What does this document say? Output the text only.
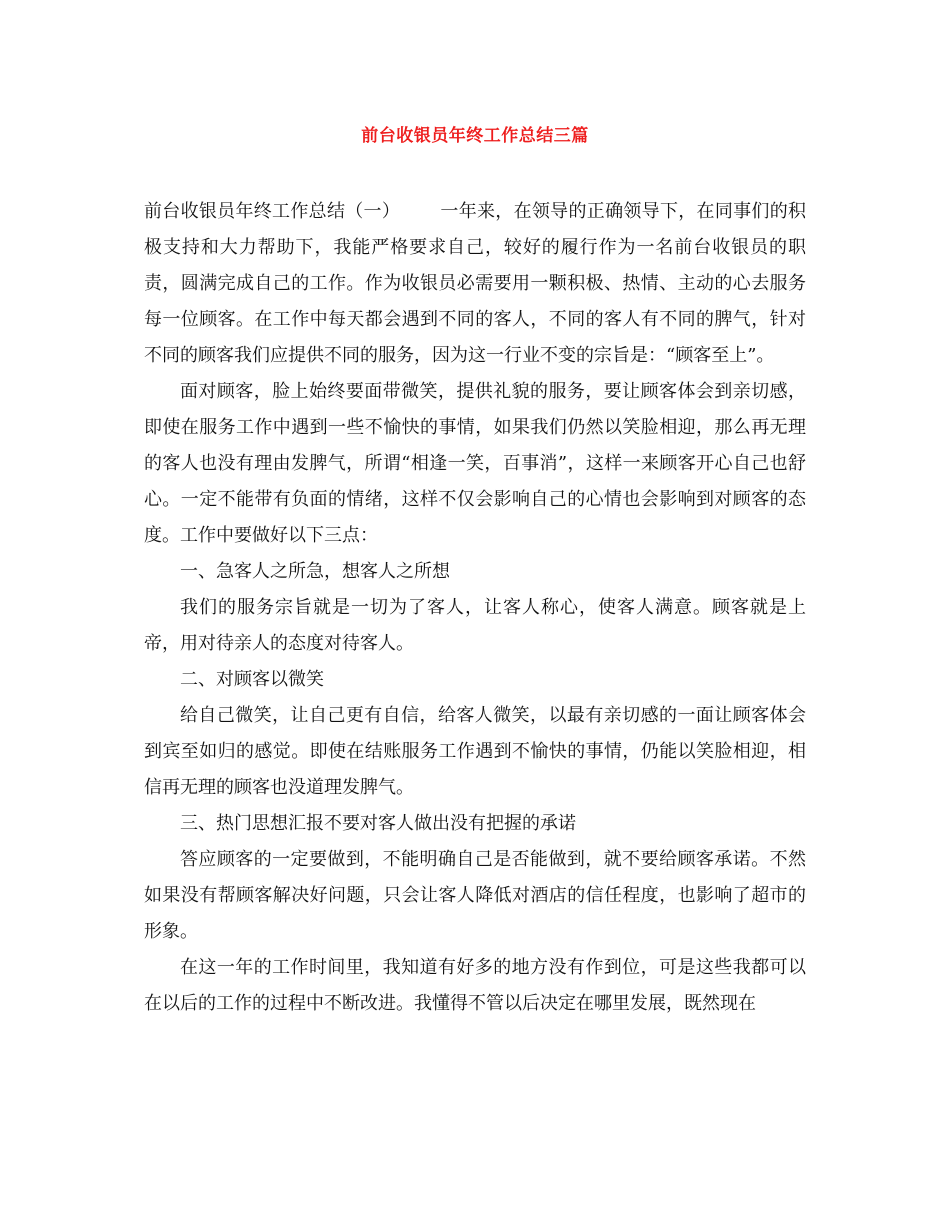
前台收银员年终工作总结三篇

前台收银员年终工作总结（一） 一年来，在领导的正确领导下，在同事们的积极支持和大力帮助下，我能严格要求自己，较好的履行作为一名前台收银员的职责，圆满完成自己的工作。作为收银员必需要用一颗积极、热情、主动的心去服务每一位顾客。在工作中每天都会遇到不同的客人，不同的客人有不同的脾气，针对不同的顾客我们应提供不同的服务，因为这一行业不变的宗旨是：“顾客至上”。

面对顾客，脸上始终要面带微笑，提供礼貌的服务，要让顾客体会到亲切感，即使在服务工作中遇到一些不愉快的事情，如果我们仍然以笑脸相迎，那么再无理的客人也没有理由发脾气，所谓“相逢一笑，百事消”，这样一来顾客开心自己也舒心。一定不能带有负面的情绪，这样不仅会影响自己的心情也会影响到对顾客的态度。工作中要做好以下三点：

一、急客人之所急，想客人之所想

我们的服务宗旨就是一切为了客人，让客人称心，使客人满意。顾客就是上帝，用对待亲人的态度对待客人。

二、对顾客以微笑

给自己微笑，让自己更有自信，给客人微笑，以最有亲切感的一面让顾客体会到宾至如归的感觉。即使在结账服务工作遇到不愉快的事情，仍能以笑脸相迎，相信再无理的顾客也没道理发脾气。

三、热门思想汇报不要对客人做出没有把握的承诺

答应顾客的一定要做到，不能明确自己是否能做到，就不要给顾客承诺。不然如果没有帮顾客解决好问题，只会让客人降低对酒店的信任程度，也影响了超市的形象。

在这一年的工作时间里，我知道有好多的地方没有作到位，可是这些我都可以在以后的工作的过程中不断改进。我懂得不管以后决定在哪里发展，既然现在
